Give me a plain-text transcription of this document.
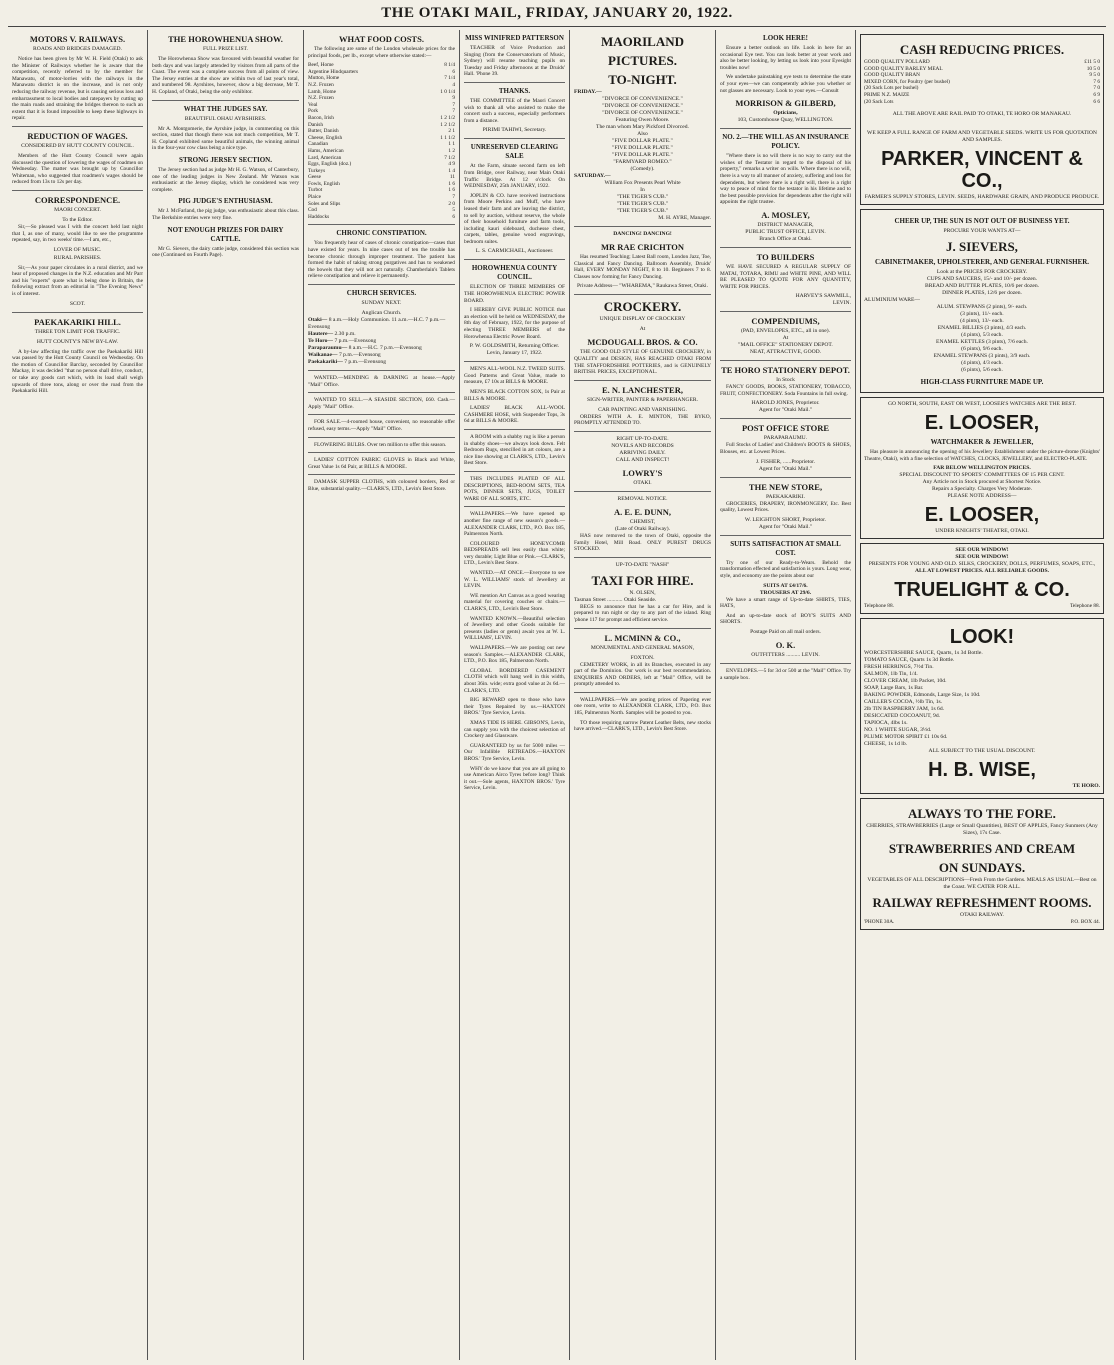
THE OTAKI MAIL, FRIDAY, JANUARY 20, 1922.
MOTORS V. RAILWAYS.
ROADS AND BRIDGES DAMAGED.

Notice has been given by Mr W. H. Field (Otaki) to ask the Minister of Railways whether he is aware that the competition, recently referred to by the member for Manawatu, of motor-lorries with the railways in the Manawatu district is on the increase, and is not only reducing the railway revenue, but is causing serious loss and embarrassment to local bodies and ratepayers by cutting up the main roads and straining the bridges thereon to such an extent that it is found impossible to keep these highways in repair.

REDUCTION OF WAGES.
CONSIDERED BY HUTT COUNTY COUNCIL.

Members of the Hutt County Council were again discussed the question of lowering the wages of roadmen on Wednesday. The matter was brought up by Councillor Whiteman, who suggested that roadmen's wages should be reduced from 13s to 12s per day.

CORRESPONDENCE.
MAORI CONCERT.
To the Editor.

Sir,—So pleased was I with the concert held last night that I, as one of many, would like to see the programme repeated, say, in two weeks' time.—I am, etc.,

LOVER OF MUSIC.
RURAL PARISHES.

Sir,—As your paper circulates in a rural district, and we hear of proposed changes in the N.Z. education and Mr Parr and his "experts" quote what is being done in Britain, the following extract from an editorial in "The Evening News" is of interest.

SCOT.
PAEKAKARIKI HILL.
THREE TON LIMIT FOR TRAFFIC.
HUTT COUNTY'S NEW BY-LAW.

A by-law affecting the traffic over the Paekakariki Hill was passed by the Hutt County Council on Wednesday. On the motion of Councillor Barclay, seconded by Councillor Mackay, it was decided "that no person shall drive, conduct, or take any goods cart which, with its load shall weigh upwards of three tons, along or over the road from the Paekakariki Hill.

THE HOROWHENUA SHOW.
FULL PRIZE LIST.

The Horowhenua Show was favoured with beautiful weather for both days and was largely attended by visitors from all parts of the Coast. The event was a complete success from all points of view. The Jersey entries at the show are within two of last year's total, and numbered 98. Ayrshires, however, show a big decrease, Mr T. H. Copland, of Otaki, being the only exhibitor.

WHAT THE JUDGES SAY.
BEAUTIFUL OHAU AYRSHIRES.

Mr A. Montgomerie, the Ayrshire judge, in commenting on this section, stated that though there was not much competition, Mr T. H. Copland exhibited some beautiful animals, the winning animal in the four-year cow class being a nice type.

STRONG JERSEY SECTION.

The Jersey section had as judge Mr H. G. Watson, of Canterbury, one of the leading judges in New Zealand. Mr Watson was enthusiastic at the Jersey display, which he considered was very complete.

PIG JUDGE'S ENTHUSIASM.

Mr J. McFarland, the pig judge, was enthusiastic about this class. The Berkshire entries were very fine.

NOT ENOUGH PRIZES FOR DAIRY CATTLE.

Mr G. Sievers, the dairy cattle judge, considered this section was one (Continued on Fourth Page).

WHAT FOOD COSTS.

The following are some of the London wholesale prices for the principal foods, per lb., except where otherwise stated:—

Beef, Home	8 1/4
Argentine Hindquarters	6
Mutton, Home	7 1/4
N.Z. Frozen	4
Lamb, Home	1 0 1/4
N.Z. Frozen	9
Veal	7
Pork	7
Bacon, Irish	1 2 1/2
Danish	1 2 1/2
Butter, Danish	2 1
Cheese, English	1 1 1/2
Canadian	1 1
Hams, American	1 2
Lard, American	7 1/2
Eggs, English (doz.)	4 9
Turkeys	1 4
Geese	11
Fowls, English	1 6
Turbot	1 6
Plaice	7
Soles and Slips	2 0
Cod	5
Haddocks	6
CHRONIC CONSTIPATION.

You frequently hear of cases of chronic constipation—cases that have existed for years. In nine cases out of ten the trouble has become chronic through improper treatment. The patient has formed the habit of taking strong purgatives and has to weakened the bowels that they will not act naturally. Chamberlain's Tablets relieve constipation and relieve it permanently.

CHURCH SERVICES.
SUNDAY NEXT.
Anglican Church.
Otaki— 8 a.m.—Holy Communion. 11 a.m.—H.C. 7 p.m.—Evensong
Hautere— 2.30 p.m.
Te Horo— 7 p.m.—Evensong
Paraparaumu— 8 a.m.—H.C. 7 p.m.—Evensong
Waikanae— 7 p.m.—Evensong
Paekakariki— 7 p.m.—Evensong

WANTED.—MENDING & DARNING at house.—Apply "Mail" Office.

WANTED TO SELL.—A SEASIDE SECTION, £60. Cash.—Apply "Mail" Office.

FOR SALE.—4-roomed house, convenient, no reasonable offer refused, easy terms.—Apply "Mail" Office.

FLOWERING BULBS. Over ten million to offer this season.

LADIES' COTTON FABRIC GLOVES in Black and White, Great Value 1s 6d Pair, at BILLS & MOORE.

DAMASK SUPPER CLOTHS, with coloured borders, Red or Blue, substantial quality.—CLARK'S, LTD., Levin's Best Store.

MISS WINIFRED PATTERSON

TEACHER of Voice Production and Singing (from the Conservatorium of Music, Sydney) will resume teaching pupils on Tuesday and Friday afternoons at the Druids' Hall. 'Phone 39.

THANKS.

THE COMMITTEE of the Maori Concert wish to thank all who assisted to make the concert such a success, especially performers from a distance.

PIRIMI TAHIWI, Secretary.
UNRESERVED CLEARING SALE

At the Farm, situate second farm on left from Bridge, over Railway, near Main Otaki Traffic Bridge. At 12 o'clock On WEDNESDAY, 25th JANUARY, 1922.

JOPLIN & CO. have received instructions from Moore Perkins and Muff, who have leased their farm and are leaving the district, to sell by auction, without reserve, the whole of their household furniture and farm tools, including kauri sideboard, duchesse chest, carpets, tables, genuine wood engravings, bedroom suites.

L. S. CARMICHAEL, Auctioneer.
HOROWHENUA COUNTY COUNCIL.

ELECTION OF THREE MEMBERS OF THE HOROWHENUA ELECTRIC POWER BOARD.

I HEREBY GIVE PUBLIC NOTICE that an election will be held on WEDNESDAY, the 8th day of February, 1922, for the purpose of electing THREE MEMBERS of the Horowhenua Electric Power Board.

P. W. GOLDSMITH, Returning Officer. Levin, January 17, 1922.

MEN'S ALL-WOOL N.Z. TWEED SUITS. Good Patterns and Great Value, made to measure, £7 10s at BILLS & MOORE.

MEN'S BLACK COTTON SOX, 1s Pair at BILLS & MOORE.

LADIES' BLACK ALL-WOOL CASHMERE HOSE, with Suspender Tops, 3s 6d at BILLS & MOORE.

A ROOM with a shabby rug is like a person in shabby shoes—we always look down. Felt Bedroom Rugs, stencilled in art colours, are a nice line showing at CLARK'S, LTD., Levin's Best Store.

THIS INCLUDES PLATED OF ALL DESCRIPTIONS, BED-ROOM SETS, TEA POTS, DINNER SETS, JUGS, TOILET WARE OF ALL SORTS, ETC.

WALLPAPERS.—We have opened up another fine range of new season's goods.—ALEXANDER CLARK, LTD., P.O. Box 185, Palmerston North.

COLOURED HONEYCOMB BEDSPREADS sell less easily than white; very durable; Light Blue or Pink.—CLARK'S, LTD., Levin's Best Store.

WANTED.—AT ONCE.—Everyone to see W. L. WILLIAMS' stock of Jewellery at LEVIN.

WE mention Art Canvas as a good wearing material for covering couches or chairs.—CLARK'S, LTD., Levin's Best Store.

WANTED KNOWN.—Beautiful selection of Jewellery and other Goods suitable for presents (ladies or gents) await you at W. L. WILLIAMS', LEVIN.

WALLPAPERS.—We are posting out new season's Samples.—ALEXANDER CLARK, LTD., P.O. Box 185, Palmerston North.

GLOBAL BORDERED CASEMENT CLOTH which will hang well in this width, about 36in. wide; extra good value at 2s 6d.—CLARK'S, LTD.

BIG REWARD open to those who have their Tyres Repaired by us.—HAXTON BROS.' Tyre Service, Levin.

XMAS TIDE IS HERE. GIBSON'S, Levin, can supply you with the choicest selection of Crockery and Glassware.

GUARANTEED by us for 5000 miles —Our Infallible RETREADS.—HAXTON BROS.' Tyre Service, Levin.

WHY do we know that you are all going to use American Airco Tyres before long? Think it out.—Sole agents, HAXTON BROS.' Tyre Service, Levin.

MAORILAND
PICTURES.
TO-NIGHT.
FRIDAY.—
"DIVORCE OF CONVENIENCE."
"DIVORCE OF CONVENIENCE."
"DIVORCE OF CONVENIENCE."
Featuring Owen Moore.
The man whom Mary Pickford Divorced.
Also
"FIVE DOLLAR PLATE."
"FIVE DOLLAR PLATE."
"FIVE DOLLAR PLATE."
"FARMYARD ROMEO."
(Comedy).
SATURDAY.—
William Fox Presents Pearl White
In
"THE TIGER'S CUB."
"THE TIGER'S CUB."
"THE TIGER'S CUB."
M. H. AYRE, Manager.
DANCING! DANCING!
MR RAE CRICHTON

Has resumed Teaching; Latest Ball room, London Jazz, Toe, Classical and Fancy Dancing. Ballroom Assembly, Druids' Hall, EVERY MONDAY NIGHT, 8 to 10. Beginners 7 to 8. Classes now forming for Fancy Dancing.

Private Address— "WHAREMA," Raukawa Street, Otaki.
CROCKERY.
UNIQUE DISPLAY OF CROCKERY
At
MCDOUGALL BROS. & CO.

THE GOOD OLD STYLE OF GENUINE CROCKERY, in QUALITY and DESIGN, HAS REACHED OTAKI FROM THE STAFFORDSHIRE POTTERIES, and is GENUINELY BRITISH. PRICES, EXCEPTIONAL.

E. N. LANCHESTER,
SIGN-WRITER, PAINTER & PAPERHANGER.
CAR PAINTING AND VARNISHING.

ORDERS WITH A. E. MINTON, THE BYKO, PROMPTLY ATTENDED TO.

RIGHT UP-TO-DATE.
NOVELS AND RECORDS
ARRIVING DAILY.
CALL AND INSPECT!
LOWRY'S
OTAKI.
REMOVAL NOTICE.
A. E. E. DUNN,
CHEMIST,
(Late of Otaki Railway).

HAS now removed to the town of Otaki, opposite the Family Hotel, Mill Road. ONLY PUREST DRUGS STOCKED.

UP-TO-DATE "NASH"
TAXI FOR HIRE.
N. OLSEN,
Tasman Street ........... Otaki Seaside.

BEGS to announce that he has a car for Hire, and is prepared to run night or day to any part of the island. Ring 'phone 117 for prompt and efficient service.

L. MCMINN & CO.,
MONUMENTAL AND GENERAL MASON,
FOXTON.

CEMETERY WORK, in all its Branches, executed in any part of the Dominion. Our work is our best recommendation. ENQUIRIES AND ORDERS, left at "Mail" Office, will be promptly attended to.

WALLPAPERS.—We are posting prices of Papering ever one room, write to ALEXANDER CLARK, LTD., P.O. Box 185, Palmerston North. Samples will be posted to you.

TO those requiring narrow Patent Leather Belts, new stocks have arrived.—CLARK'S, LTD., Levin's Best Store.

LOOK HERE!

Ensure a better outlook on life. Look in here for an occasional Eye test. You can look better at your work and also be better looking, by letting us look into your Eyesight troubles now!

We undertake painstaking eye tests to determine the state of your eyes—we can competently advise you whether or not glasses are necessary. Look to your eyes.—Consult

MORRISON & GILBERD,
Opticians,
103, Customhouse Quay, WELLINGTON.
NO. 2.—THE WILL AS AN INSURANCE POLICY.

"Where there is no will there is no way to carry out the wishes of the Testator in regard to the disposal of his property," remarks a writer on wills. Where there is no will, there is a way to all manner of anxiety, suffering and loss for dependents, but where there is a right will, there is a right way to peace of mind for the testator in his lifetime and to the best possible provision for dependents after the right will appoints the right trustee.

A. MOSLEY,
DISTRICT MANAGER,
PUBLIC TRUST OFFICE, LEVIN.
Branch Office at Otaki.
TO BUILDERS

WE HAVE SECURED A REGULAR SUPPLY OF MATAI, TOTARA, RIMU and WHITE PINE, AND WILL BE PLEASED TO QUOTE FOR ANY QUANTITY, WRITE FOR PRICES.

HARVEY'S SAWMILL,
LEVIN.
COMPENDIUMS,
(PAD, ENVELOPES, ETC., all in one).
At
"MAIL OFFICE" STATIONERY DEPOT.
NEAT, ATTRACTIVE, GOOD.
TE HORO STATIONERY DEPOT.
In Stock

FANCY GOODS, BOOKS, STATIONERY, TOBACCO, FRUIT, CONFECTIONERY. Soda Fountains in full swing.

HAROLD JONES, Proprietor.
Agent for "Otaki Mail."
POST OFFICE STORE
PARAPARAUMU.

Full Stocks of Ladies' and Children's BOOTS & SHOES, Blouses, etc. at Lowest Prices.

J. FISHER, ......Proprietor.
Agent for "Otaki Mail."
THE NEW STORE,
PAEKAKARIKI.

GROCERIES, DRAPERY, IRONMONGERY, Etc. Best quality, Lowest Prices.

W. LEIGHTON SHORT, Proprietor.
Agent for "Otaki Mail."
SUITS SATISFACTION AT SMALL COST.

Try one of our Ready-to-Wears. Behold the transformation effected and satisfaction is yours. Long wear, style, and economy are the points about our

SUITS AT £4/17/6.
TROUSERS AT 29/6.

We have a smart range of Up-to-date SHIRTS, TIES, HATS,

And an up-to-date stock of BOY'S SUITS AND SHORTS.

Postage Paid on all mail orders.
O. K.
OUTFITTERS .......... LEVIN.

ENVELOPES.—5 for 3d or 500 at the "Mail" Office. Try a sample box.

CASH REDUCING PRICES.
GOOD QUALITY POLLARD	£11 5 0
GOOD QUALITY BARLEY MEAL	10 5 0
GOOD QUALITY BRAN	9 5 0
MIXED CORN, for Poultry (per bushel)	7 6
(20 Sack Lots per bushel)	7 0
PRIME N.Z. MAIZE	6 9
(20 Sack Lots	6 6
ALL THE ABOVE ARE RAIL PAID TO OTAKI, TE HORO OR MANAKAU.
WE KEEP A FULL RANGE OF FARM AND VEGETABLE SEEDS. WRITE US FOR QUOTATION AND SAMPLES.
PARKER, VINCENT & CO.,
FARMER'S SUPPLY STORES, LEVIN. SEEDS, HARDWARE GRAIN, AND PRODUCE PRODUCE.
CHEER UP, THE SUN IS NOT OUT OF BUSINESS YET.
PROCURE YOUR WANTS AT—
J. SIEVERS,
CABINETMAKER, UPHOLSTERER, AND GENERAL FURNISHER.
Look at the PRICES FOR CROCKERY.
CUPS AND SAUCERS, 15/- and 10/- per dozen.
BREAD AND BUTTER PLATES, 10/6 per dozen.
DINNER PLATES, 12/6 per dozen.
ALUMINIUM WARE—
ALUM. STEWPANS (2 pints), 9/- each.
(3 pints), 11/- each.
(4 pints), 13/- each.
ENAMEL BILLIES (3 pints), 4/3 each.
(4 pints), 5/3 each.
ENAMEL KETTLES (3 pints), 7/6 each.
(6 pints), 9/6 each.
ENAMEL STEWPANS (3 pints), 3/9 each.
(4 pints), 4/3 each.
(6 pints), 5/6 each.
HIGH-CLASS FURNITURE MADE UP.
GO NORTH, SOUTH, EAST OR WEST, LOOSER'S WATCHES ARE THE BEST.
E. LOOSER,
WATCHMAKER & JEWELLER,

Has pleasure in announcing the opening of his Jewellery Establishment under the picture-drome (Knights' Theatre, Otaki), with a fine selection of WATCHES, CLOCKS, JEWELLERY, and ELECTRO-PLATE.

FAR BELOW WELLINGTON PRICES.
SPECIAL DISCOUNT TO SPORTS' COMMITTEES OF 15 PER CENT.
Any Article not in Stock procured at Shortest Notice.
Repairs a Specialty. Charges Very Moderate.
PLEASE NOTE ADDRESS—
E. LOOSER,
UNDER KNIGHTS' THEATRE, OTAKI.
SEE OUR WINDOW!
SEE OUR WINDOW!
PRESENTS FOR YOUNG AND OLD. SILKS, CROCKERY, DOLLS, PERFUMES, SOAPS, ETC.,
ALL AT LOWEST PRICES. ALL RELIABLE GOODS.
TRUELIGHT & CO.
Telephone 88.	Telephone 88.
LOOK!
WORCESTERSHIRE SAUCE, Quarts, 1s 3d Bottle.
TOMATO SAUCE, Quarts 1s 3d Bottle.
FRESH HERRINGS, 7½d Tin.
SALMON, 1lb Tin, 1/4.
CLOVER CREAM, 1lb Packet, 10d.
SOAP, Large Bars, 1s Bar.
BAKING POWDER, Edmonds, Large Size, 1s 10d.
CAILLER'S COCOA, ½lb Tin, 1s.
2lb TIN RASPBERRY JAM, 1s 6d.
DESICCATED COCOANUT, 9d.
TAPIOCA, 4lbs 1s.
NO. 1 WHITE SUGAR, 3½d.
PLUME MOTOR SPIRIT £1 10s 6d.
CHEESE, 1s 1d lb.
ALL SUBJECT TO THE USUAL DISCOUNT.
H. B. WISE,
TE HORO.
ALWAYS TO THE FORE.
CHERRIES, STRAWBERRIES (Large or Small Quantities), BEST OF APPLES, Fancy Sunmers (Any Sizes), 17s Case.
STRAWBERRIES AND CREAM
ON SUNDAYS.
VEGETABLES OF ALL DESCRIPTIONS—Fresh From the Gardens. MEALS AS USUAL—Best on the Coast. WE CATER FOR ALL.
RAILWAY REFRESHMENT ROOMS.
OTAKI RAILWAY.
'PHONE 30A.	P.O. BOX 44.
